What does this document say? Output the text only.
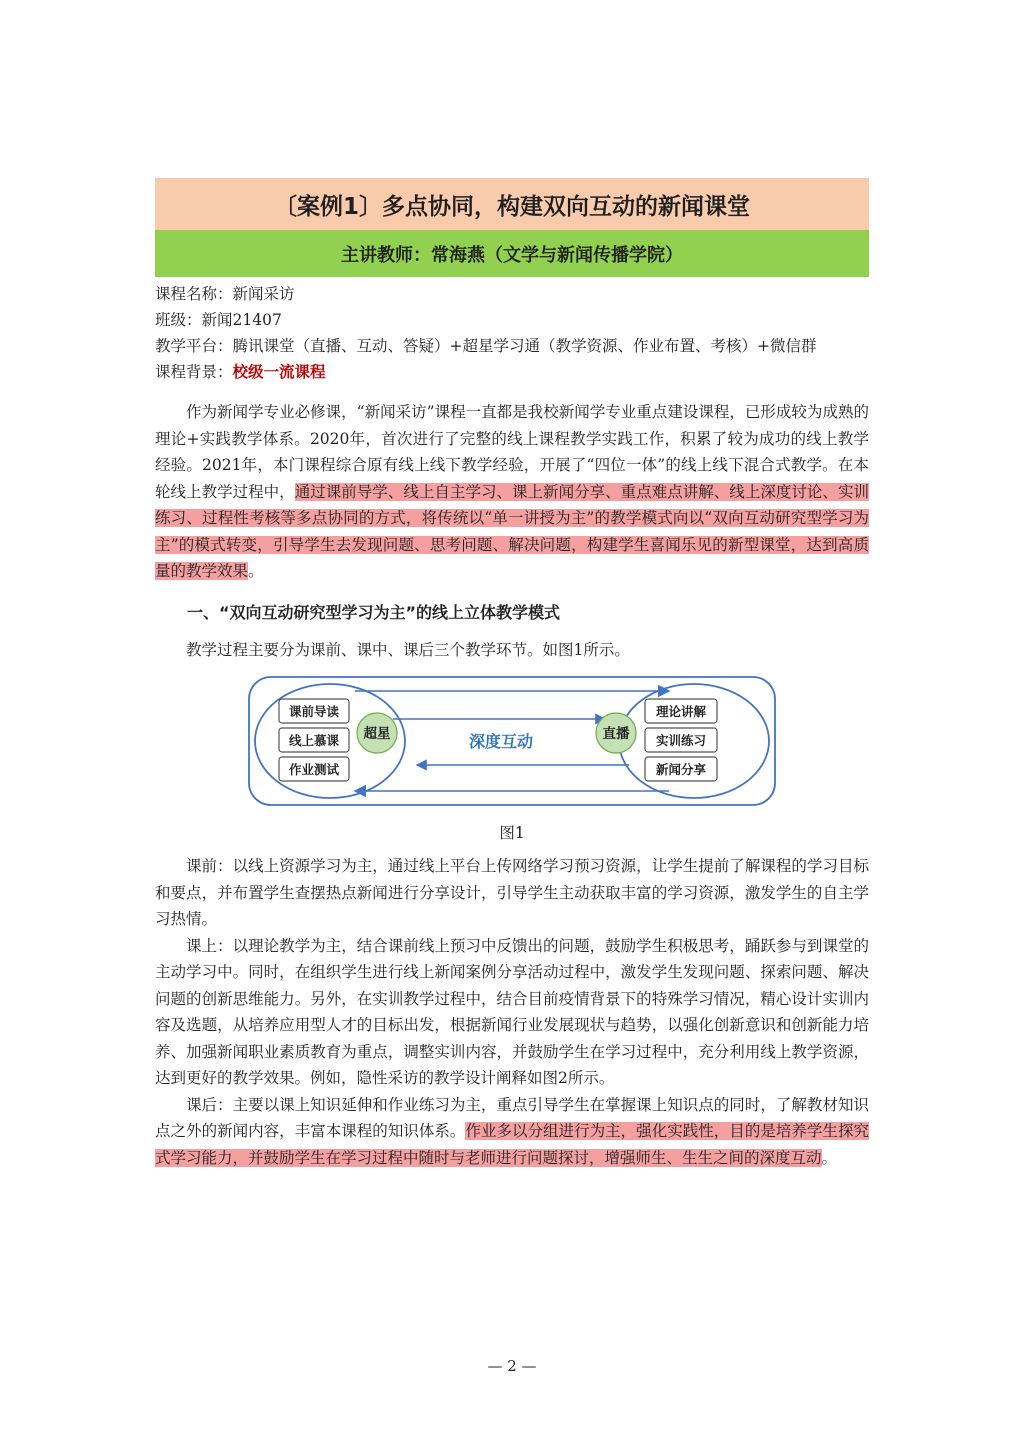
〔案例1〕多点协同，构建双向互动的新闻课堂
主讲教师：常海燕（文学与新闻传播学院）
课程名称： 新闻采访
班级： 新闻21407
教学平台： 腾讯课堂（直播、互动、答疑）+超星学习通（教学资源、作业布置、考核）+微信群
课程背景： 校级一流课程

作为新闻学专业必修课，“新闻采访”课程一直都是我校新闻学专业重点建设课程，已形成较为成熟的理论+实践教学体系。2020年，首次进行了完整的线上课程教学实践工作，积累了较为成功的线上教学经验。2021年，本门课程综合原有线上线下教学经验，开展了“四位一体”的线上线下混合式教学。在本轮线上教学过程中，通过课前导学、线上自主学习、课上新闻分享、重点难点讲解、线上深度讨论、实训练习、过程性考核等多点协同的方式，将传统以“单一讲授为主”的教学模式向以“双向互动研究型学习为主”的模式转变，引导学生去发现问题、思考问题、解决问题，构建学生喜闻乐见的新型课堂，达到高质量的教学效果。

一、“双向互动研究型学习为主”的线上立体教学模式

教学过程主要分为课前、课中、课后三个教学环节。如图1所示。

课前导读
线上慕课
作业测试
超星	深度互动	直播
理论讲解
实训练习
新闻分享
图1

课前：以线上资源学习为主，通过线上平台上传网络学习预习资源，让学生提前了解课程的学习目标和要点，并布置学生查摆热点新闻进行分享设计，引导学生主动获取丰富的学习资源，激发学生的自主学习热情。

课上：以理论教学为主，结合课前线上预习中反馈出的问题，鼓励学生积极思考，踊跃参与到课堂的主动学习中。同时，在组织学生进行线上新闻案例分享活动过程中，激发学生发现问题、探索问题、解决问题的创新思维能力。另外，在实训教学过程中，结合目前疫情背景下的特殊学习情况，精心设计实训内容及选题，从培养应用型人才的目标出发，根据新闻行业发展现状与趋势，以强化创新意识和创新能力培养、加强新闻职业素质教育为重点，调整实训内容，并鼓励学生在学习过程中，充分利用线上教学资源，达到更好的教学效果。例如，隐性采访的教学设计阐释如图2所示。

课后：主要以课上知识延伸和作业练习为主，重点引导学生在掌握课上知识点的同时，了解教材知识点之外的新闻内容，丰富本课程的知识体系。作业多以分组进行为主，强化实践性，目的是培养学生探究式学习能力，并鼓励学生在学习过程中随时与老师进行问题探讨，增强师生、生生之间的深度互动。

— 2 —
